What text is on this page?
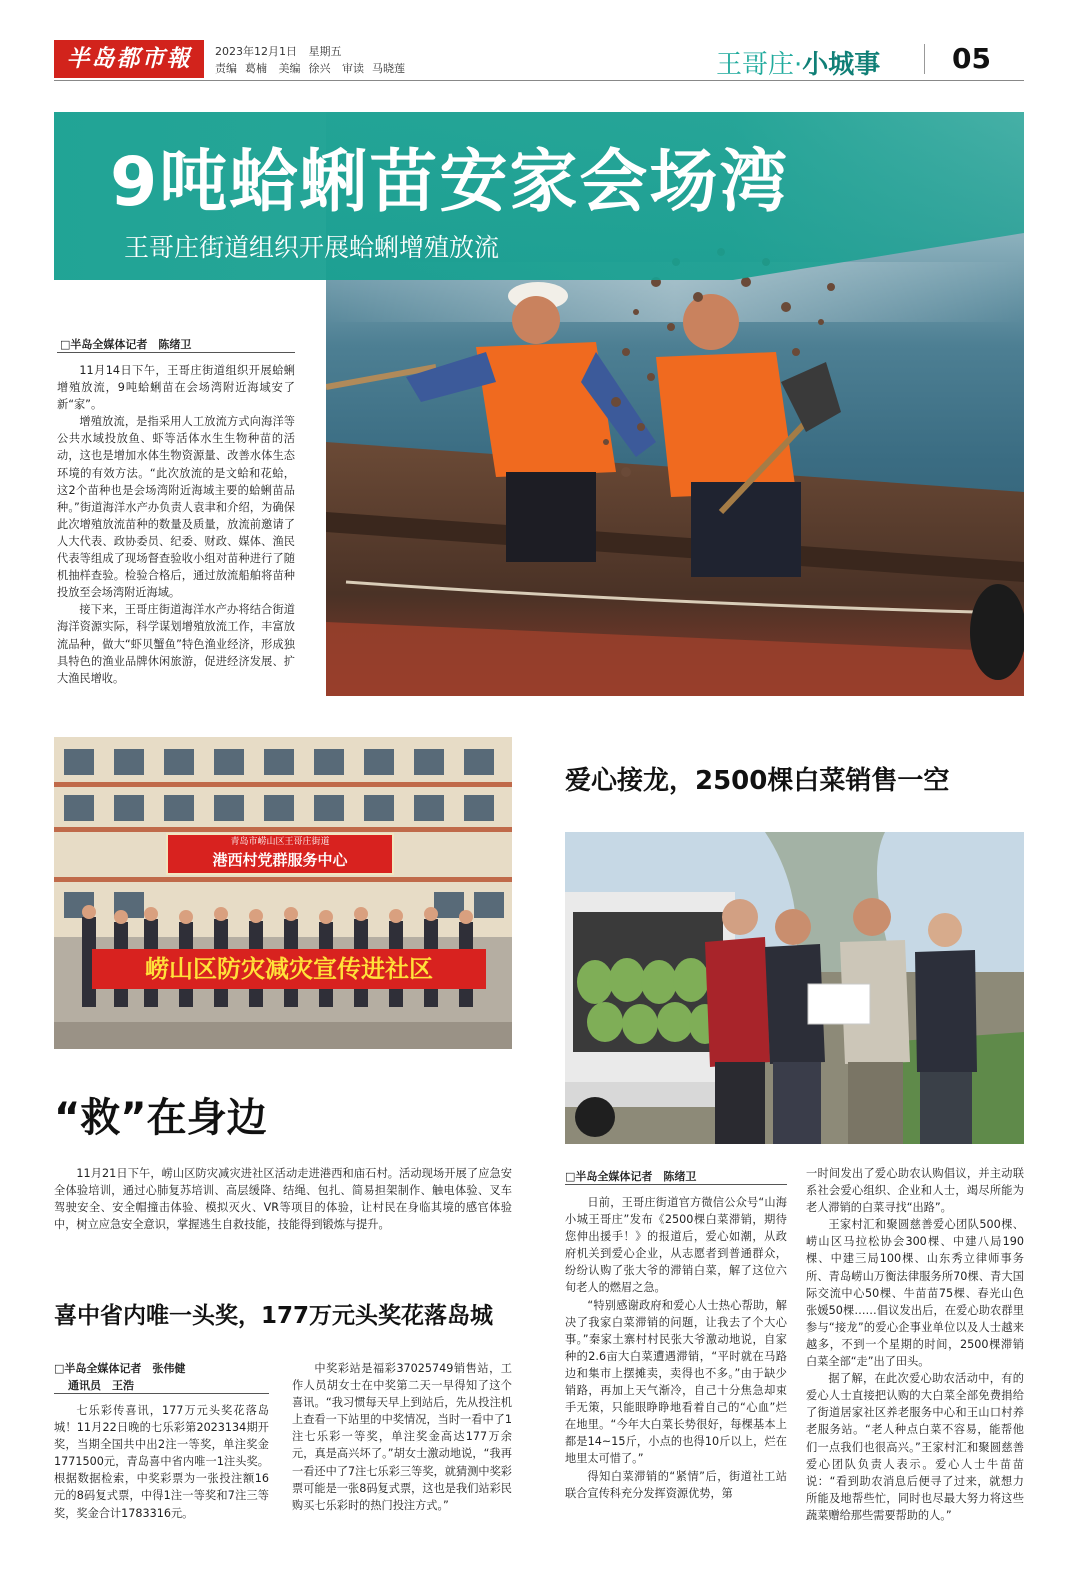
半岛都市報	2023年12月1日 星期五
责编 葛楠 美编 徐兴 审读 马晓莲	王哥庄·小城事	05
9吨蛤蜊苗安家会场湾
王哥庄街道组织开展蛤蜊增殖放流
□半岛全媒体记者　陈绪卫

11月14日下午，王哥庄街道组织开展蛤蜊增殖放流，9吨蛤蜊苗在会场湾附近海域安了新“家”。

增殖放流，是指采用人工放流方式向海洋等公共水域投放鱼、虾等活体水生生物种苗的活动，这也是增加水体生物资源量、改善水体生态环境的有效方法。“此次放流的是文蛤和花蛤，这2个苗种也是会场湾附近海域主要的蛤蜊苗品种。”街道海洋水产办负责人袁聿和介绍，为确保此次增殖放流苗种的数量及质量，放流前邀请了人大代表、政协委员、纪委、财政、媒体、渔民代表等组成了现场督查验收小组对苗种进行了随机抽样查验。检验合格后，通过放流船舶将苗种投放至会场湾附近海域。

接下来，王哥庄街道海洋水产办将结合街道海洋资源实际，科学谋划增殖放流工作，丰富放流品种，做大“虾贝蟹鱼”特色渔业经济，形成独具特色的渔业品牌休闲旅游，促进经济发展、扩大渔民增收。

青岛市崂山区王哥庄街道
港西村党群服务中心
崂山区防灾减灾宣传进社区
“救”在身边

11月21日下午，崂山区防灾减灾进社区活动走进港西和庙石村。活动现场开展了应急安全体验培训，通过心肺复苏培训、高层缓降、结绳、包扎、简易担架制作、触电体验、叉车驾驶安全、安全帽撞击体验、模拟灭火、VR等项目的体验，让村民在身临其境的感官体验中，树立应急安全意识，掌握逃生自救技能，技能得到锻炼与提升。

喜中省内唯一头奖，177万元头奖花落岛城
□半岛全媒体记者　张伟健
通讯员　王浩

七乐彩传喜讯，177万元头奖花落岛城！11月22日晚的七乐彩第2023134期开奖，当期全国共中出2注一等奖，单注奖金1771500元，青岛喜中省内唯一1注头奖。根据数据检索，中奖彩票为一张投注额16元的8码复式票，中得1注一等奖和7注三等奖，奖金合计1783316元。

中奖彩站是福彩37025749销售站，工作人员胡女士在中奖第二天一早得知了这个喜讯。“我习惯每天早上到站后，先从投注机上查看一下站里的中奖情况，当时一看中了1注七乐彩一等奖，单注奖金高达177万余元，真是高兴坏了。”胡女士激动地说，“我再一看还中了7注七乐彩三等奖，就猜测中奖彩票可能是一张8码复式票，这也是我们站彩民购买七乐彩时的热门投注方式。”

爱心接龙，2500棵白菜销售一空
□半岛全媒体记者　陈绪卫

日前，王哥庄街道官方微信公众号“山海小城王哥庄”发布《2500棵白菜滞销，期待您伸出援手！》的报道后，爱心如潮，从政府机关到爱心企业，从志愿者到普通群众，纷纷认购了张大爷的滞销白菜，解了这位六旬老人的燃眉之急。

“特别感谢政府和爱心人士热心帮助，解决了我家白菜滞销的问题，让我去了个大心事。”秦家土寨村村民张大爷激动地说，自家种的2.6亩大白菜遭遇滞销，“平时就在马路边和集市上摆摊卖，卖得也不多。”由于缺少销路，再加上天气渐冷，自己十分焦急却束手无策，只能眼睁睁地看着自己的“心血”烂在地里。“今年大白菜长势很好，每棵基本上都是14~15斤，小点的也得10斤以上，烂在地里太可惜了。”

得知白菜滞销的“紧情”后，街道社工站联合宣传科充分发挥资源优势，第

一时间发出了爱心助农认购倡议，并主动联系社会爱心组织、企业和人士，竭尽所能为老人滞销的白菜寻找“出路”。

王家村汇和聚圆慈善爱心团队500棵、崂山区马拉松协会300棵、中建八局190棵、中建三局100棵、山东秀立律师事务所、青岛崂山万衡法律服务所70棵、青大国际交流中心50棵、牛苗苗75棵、春光山色张媛50棵……倡议发出后，在爱心助农群里参与“接龙”的爱心企事业单位以及人士越来越多，不到一个星期的时间，2500棵滞销白菜全部“走”出了田头。

据了解，在此次爱心助农活动中，有的爱心人士直接把认购的大白菜全部免费捐给了街道居家社区养老服务中心和王山口村养老服务站。“老人种点白菜不容易，能帮他们一点我们也很高兴。”王家村汇和聚圆慈善爱心团队负责人表示。爱心人士牛苗苗说：“看到助农消息后便寻了过来，就想力所能及地帮些忙，同时也尽最大努力将这些蔬菜赠给那些需要帮助的人。”
